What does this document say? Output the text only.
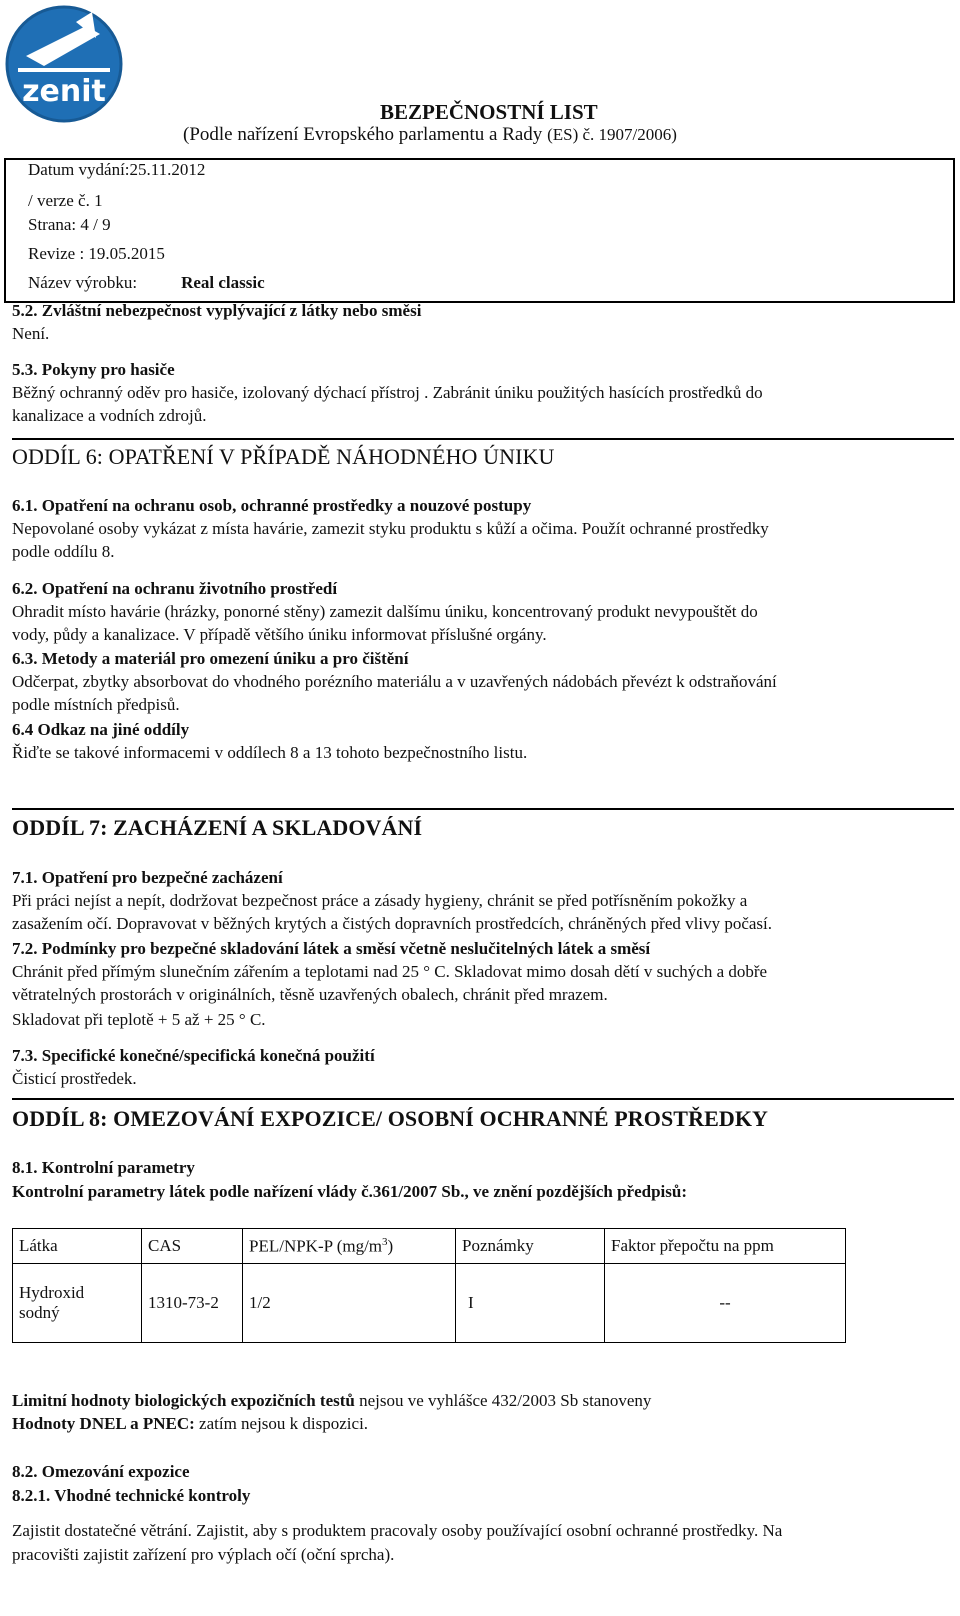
zenit
BEZPEČNOSTNÍ LIST
(Podle nařízení Evropského parlamentu a Rady (ES) č. 1907/2006)
Datum vydání:25.11.2012
/ verze č. 1
Strana: 4 / 9
Revize : 19.05.2015
Název výrobku:	Real classic
5.2. Zvláštní nebezpečnost vyplývající z látky nebo směsi
Není.
5.3. Pokyny pro hasiče
Běžný ochranný oděv pro hasiče, izolovaný dýchací přístroj . Zabránit úniku použitých hasících prostředků do
kanalizace a vodních zdrojů.
ODDÍL 6: OPATŘENÍ V PŘÍPADĚ NÁHODNÉHO ÚNIKU
6.1. Opatření na ochranu osob, ochranné prostředky a nouzové postupy
Nepovolané osoby vykázat z místa havárie, zamezit styku produktu s kůží a očima. Použít ochranné prostředky
podle oddílu 8.
6.2. Opatření na ochranu životního prostředí
Ohradit místo havárie (hrázky, ponorné stěny) zamezit dalšímu úniku, koncentrovaný produkt nevypouštět do
vody, půdy a kanalizace. V případě většího úniku informovat příslušné orgány.
6.3. Metody a materiál pro omezení úniku a pro čištění
Odčerpat, zbytky absorbovat do vhodného porézního materiálu a v uzavřených nádobách převézt k odstraňování
podle místních předpisů.
6.4 Odkaz na jiné oddíly
Řiďte se takové informacemi v oddílech 8 a 13 tohoto bezpečnostního listu.
ODDÍL 7: ZACHÁZENÍ A SKLADOVÁNÍ
7.1. Opatření pro bezpečné zacházení
Při práci nejíst a nepít, dodržovat bezpečnost práce a zásady hygieny, chránit se před potřísněním pokožky a
zasažením očí. Dopravovat v běžných krytých a čistých dopravních prostředcích, chráněných před vlivy počasí.
7.2. Podmínky pro bezpečné skladování látek a směsí včetně neslučitelných látek a směsí
Chránit před přímým slunečním zářením a teplotami nad 25 ° C. Skladovat mimo dosah dětí v suchých a dobře
větratelných prostorách v originálních, těsně uzavřených obalech, chránit před mrazem.
Skladovat při teplotě + 5 až + 25 ° C.
7.3. Specifické konečné/specifická konečná použití
Čisticí prostředek.
ODDÍL 8: OMEZOVÁNÍ EXPOZICE/ OSOBNÍ OCHRANNÉ PROSTŘEDKY
8.1. Kontrolní parametry
Kontrolní parametry látek podle nařízení vlády č.361/2007 Sb., ve znění pozdějších předpisů:
Látka	CAS	PEL/NPK-P $(mg/m^3)$	Poznámky	Faktor přepočtu na ppm

Hydroxid
sodný	1310-73-2	1/2	I	--
Limitní hodnoty biologických expozičních testů nejsou ve vyhlášce 432/2003 Sb stanoveny
Hodnoty DNEL a PNEC: zatím nejsou k dispozici.
8.2. Omezování expozice
8.2.1. Vhodné technické kontroly
Zajistit dostatečné větrání. Zajistit, aby s produktem pracovaly osoby používající osobní ochranné prostředky. Na
pracovišti zajistit zařízení pro výplach očí (oční sprcha).
